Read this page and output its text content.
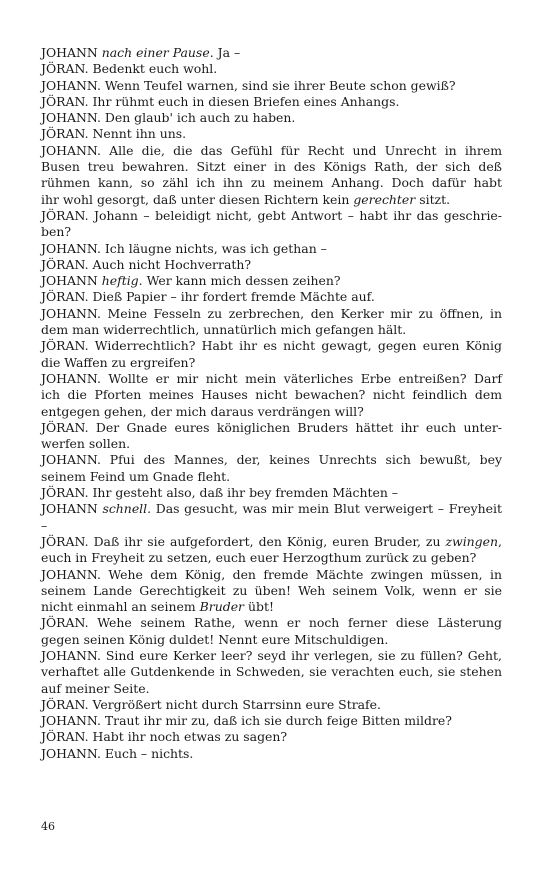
JOHANN nach einer Pause. Ja –
JÖRAN. Bedenkt euch wohl.
JOHANN. Wenn Teufel warnen, sind sie ihrer Beute schon gewiß?
JÖRAN. Ihr rühmt euch in diesen Briefen eines Anhangs.
JOHANN. Den glaub' ich auch zu haben.
JÖRAN. Nennt ihn uns.
JOHANN. Alle die, die das Gefühl für Recht und Unrecht in ihrem
Busen treu bewahren. Sitzt einer in des Königs Rath, der sich deß
rühmen kann, so zähl ich ihn zu meinem Anhang. Doch dafür habt
ihr wohl gesorgt, daß unter diesen Richtern kein gerechter sitzt.
JÖRAN. Johann – beleidigt nicht, gebt Antwort – habt ihr das geschrie-
ben?
JOHANN. Ich läugne nichts, was ich gethan –
JÖRAN. Auch nicht Hochverrath?
JOHANN heftig. Wer kann mich dessen zeihen?
JÖRAN. Dieß Papier – ihr fordert fremde Mächte auf.
JOHANN. Meine Fesseln zu zerbrechen, den Kerker mir zu öffnen, in
dem man widerrechtlich, unnatürlich mich gefangen hält.
JÖRAN. Widerrechtlich? Habt ihr es nicht gewagt, gegen euren König
die Waffen zu ergreifen?
JOHANN. Wollte er mir nicht mein väterliches Erbe entreißen? Darf
ich die Pforten meines Hauses nicht bewachen? nicht feindlich dem
entgegen gehen, der mich daraus verdrängen will?
JÖRAN. Der Gnade eures königlichen Bruders hättet ihr euch unter-
werfen sollen.
JOHANN. Pfui des Mannes, der, keines Unrechts sich bewußt, bey
seinem Feind um Gnade fleht.
JÖRAN. Ihr gesteht also, daß ihr bey fremden Mächten –
JOHANN schnell. Das gesucht, was mir mein Blut verweigert – Freyheit
–
JÖRAN. Daß ihr sie aufgefordert, den König, euren Bruder, zu zwingen,
euch in Freyheit zu setzen, euch euer Herzogthum zurück zu geben?
JOHANN. Wehe dem König, den fremde Mächte zwingen müssen, in
seinem Lande Gerechtigkeit zu üben! Weh seinem Volk, wenn er sie
nicht einmahl an seinem Bruder übt!
JÖRAN. Wehe seinem Rathe, wenn er noch ferner diese Lästerung
gegen seinen König duldet! Nennt eure Mitschuldigen.
JOHANN. Sind eure Kerker leer? seyd ihr verlegen, sie zu füllen? Geht,
verhaftet alle Gutdenkende in Schweden, sie verachten euch, sie stehen
auf meiner Seite.
JÖRAN. Vergrößert nicht durch Starrsinn eure Strafe.
JOHANN. Traut ihr mir zu, daß ich sie durch feige Bitten mildre?
JÖRAN. Habt ihr noch etwas zu sagen?
JOHANN. Euch – nichts.
46
